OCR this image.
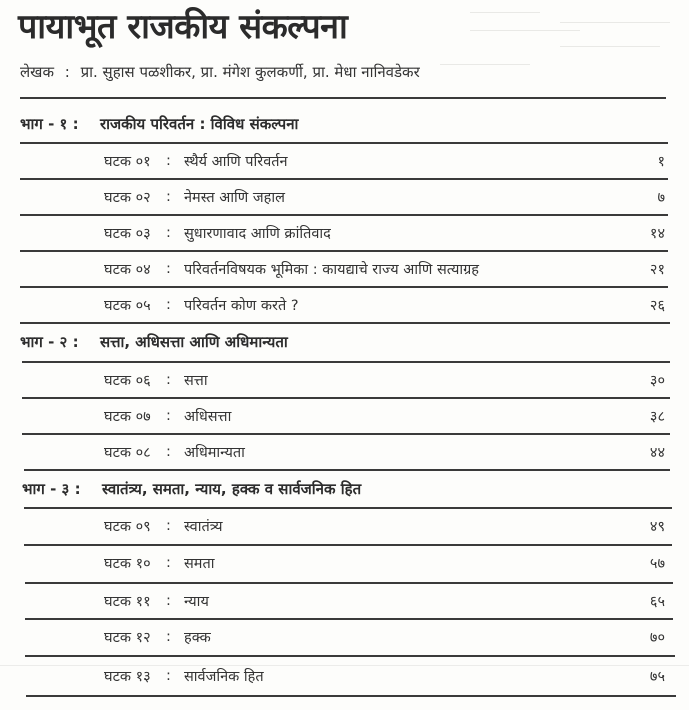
पायाभूत राजकीय संकल्पना
लेखक : प्रा. सुहास पळशीकर, प्रा. मंगेश कुलकर्णी, प्रा. मेधा नानिवडेकर
भाग - १ :	राजकीय परिवर्तन : विविध संकल्पना
घटक ०१	: स्थैर्य आणि परिवर्तन	१
घटक ०२	: नेमस्त आणि जहाल	७
घटक ०३	: सुधारणावाद आणि क्रांतिवाद	१४
घटक ०४	: परिवर्तनविषयक भूमिका : कायद्याचे राज्य आणि सत्याग्रह	२१
घटक ०५	: परिवर्तन कोण करते ?	२६
भाग - २ :	सत्ता, अधिसत्ता आणि अधिमान्यता
घटक ०६	: सत्ता	३०
घटक ०७	: अधिसत्ता	३८
घटक ०८	: अधिमान्यता	४४
भाग - ३ :	स्वातंत्र्य, समता, न्याय, हक्क व सार्वजनिक हित
घटक ०९	: स्वातंत्र्य	४९
घटक १०	: समता	५७
घटक ११	: न्याय	६५
घटक १२	: हक्क	७०
घटक १३	: सार्वजनिक हित	७५
